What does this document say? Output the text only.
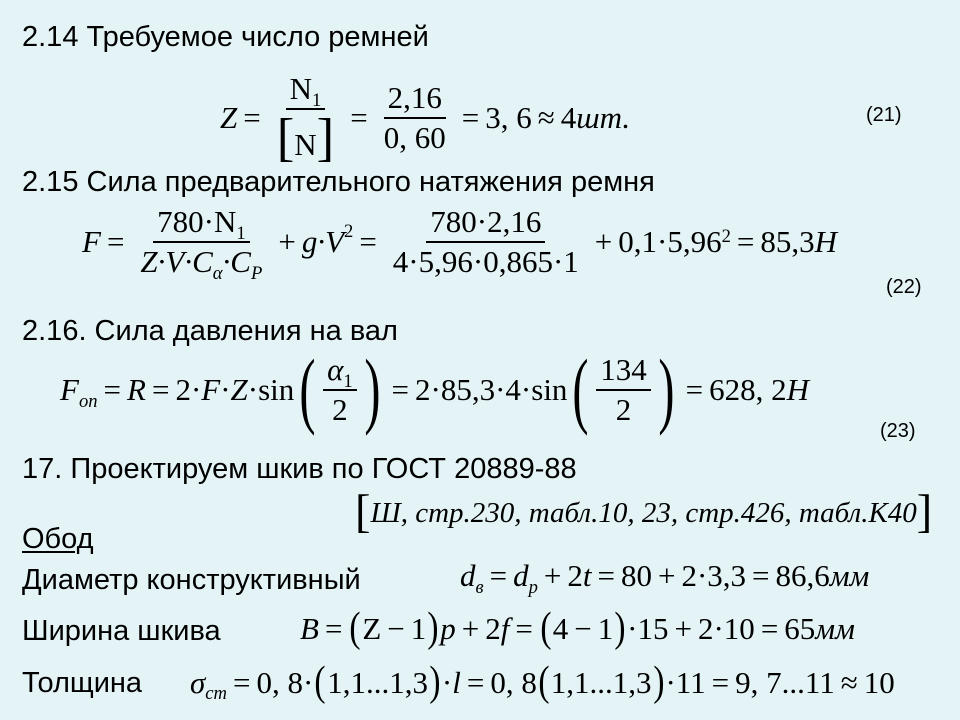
2.14 Требуемое число ремней
$Z = \frac{N_1}{[N]} = \frac{2,16}{0, 60} = 3$, 6 ≈ 4шт.	(21)
2.15 Сила предварительного натяжения ремня
$F = \frac{780\cdot N_1}{Z\cdot V\cdot C_\alpha\cdot C_P} + g\cdot V$ $2 = \frac{780\cdot 2,16}{4\cdot 5,96\cdot 0,865\cdot 1} + 0,1\cdot 5,96^2 = 85,3H$
(22)
2.16. Сила давления на вал
$F_{on} = R = 2\cdot F\cdot Z\cdot\sin$ ( $\frac{\alpha_1}{2}$ ) = 2·85,3·4·sin ( $\frac{134}{2}$ ) = 628, 2H
(23)
17. Проектируем шкив по ГОСТ 20889-88
[ Ш, стр.230, табл.10, 23, стр.426, табл.К40 ]
Обод
Диаметр конструктивный	$d_в = d_p + 2t = 80 + 2\cdot 3,3 = 86,6мм$
Ширина шкива	B = ( Z − 1 ) p + 2f = ( 4 − 1 ) ·15 + 2·10 = 65мм
Толщина $\sigma_{ст} = 0$, 8· ( 1,1...1,3 ) ·l = 0, 8 ( 1,1...1,3 ) ·11 = 9, 7...11 ≈ 10
